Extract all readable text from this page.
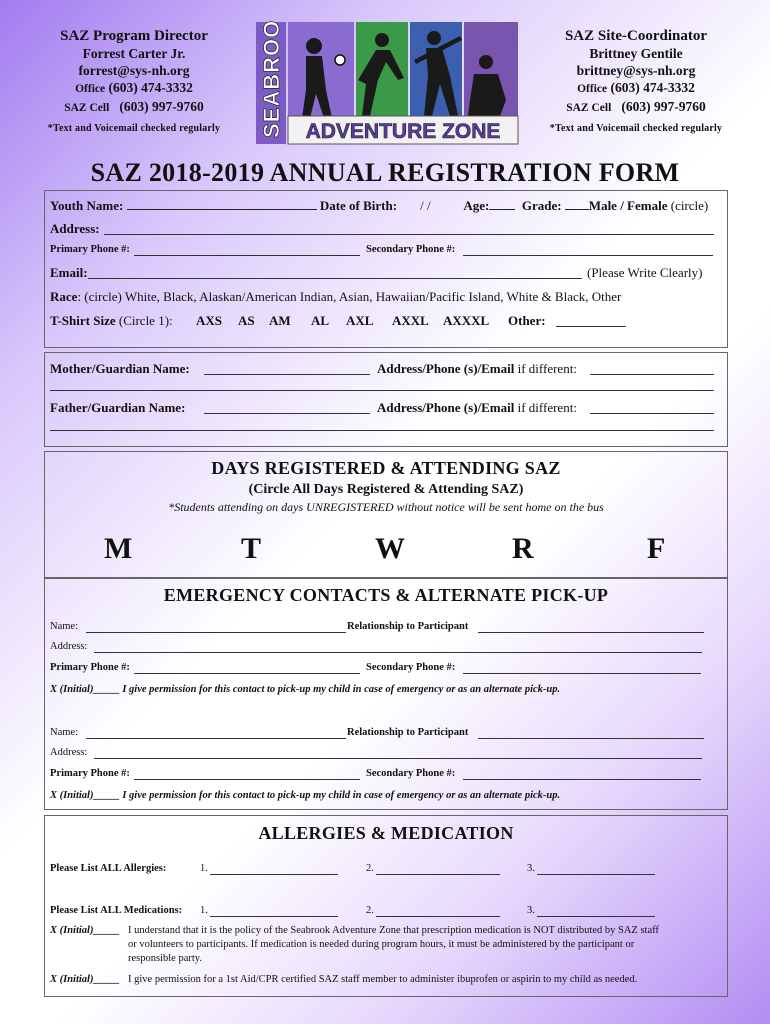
SAZ Program Director
Forrest Carter Jr.
forrest@sys-nh.org
Office (603) 474-3332
SAZ Cell (603) 997-9760
*Text and Voicemail checked regularly
SAZ Site-Coordinator
Brittney Gentile
brittney@sys-nh.org
Office (603) 474-3332
SAZ Cell (603) 997-9760
*Text and Voicemail checked regularly
SEABROOK ADVENTURE ZONE
SAZ 2018-2019 ANNUAL REGISTRATION FORM
Youth Name:	Date of Birth: / /	Age:	Grade: Male / Female (circle)
Address:
Primary Phone #:	Secondary Phone #:
Email:	(Please Write Clearly)
Race: (circle) White, Black, Alaskan/American Indian, Asian, Hawaiian/Pacific Island, White & Black, Other
T-Shirt Size (Circle 1): AXS AS AM AL AXL AXXL AXXXL Other:
Mother/Guardian Name:	Address/Phone (s)/Email if different:
Father/Guardian Name:	Address/Phone (s)/Email if different:
DAYS REGISTERED & ATTENDING SAZ
(Circle All Days Registered & Attending SAZ)
*Students attending on days UNREGISTERED without notice will be sent home on the bus
M	T	W	R	F
EMERGENCY CONTACTS & ALTERNATE PICK-UP
Name:	Relationship to Participant
Address:
Primary Phone #:	Secondary Phone #:
X (Initial)_____ I give permission for this contact to pick-up my child in case of emergency or as an alternate pick-up.
Name:	Relationship to Participant
Address:
Primary Phone #:	Secondary Phone #:
X (Initial)_____ I give permission for this contact to pick-up my child in case of emergency or as an alternate pick-up.
ALLERGIES & MEDICATION
Please List ALL Allergies:	1.	2.	3.
Please List ALL Medications: 1.	2.	3.
X (Initial)_____ I understand that it is the policy of the Seabrook Adventure Zone that prescription medication is NOT distributed by SAZ staff
or volunteers to participants. If medication is needed during program hours, it must be administered by the participant or
responsible party.
X (Initial)_____ I give permission for a 1st Aid/CPR certified SAZ staff member to administer ibuprofen or aspirin to my child as needed.
